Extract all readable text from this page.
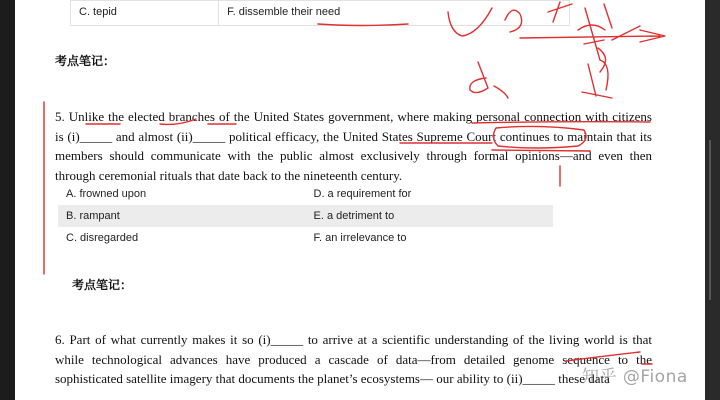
C. tepid	F. dissemble their need
考点笔记：

5. Unlike the elected branches of the United States government, where making personal connection with citizens is (i)_____ and almost (ii)_____ political efficacy, the United States Supreme Court continues to maintain that its members should communicate with the public almost exclusively through formal opinions—and even then through ceremonial rituals that date back to the nineteenth century.

A. frowned upon	D. a requirement for
B. rampant	E. a detriment to
C. disregarded	F. an irrelevance to
考点笔记：

6. Part of what currently makes it so (i)_____ to arrive at a scientific understanding of the living world is that while technological advances have produced a cascade of data—from detailed genome sequence to the sophisticated satellite imagery that documents the planet’s ecosystems— our ability to (ii)_____ these data

知乎 @Fiona
